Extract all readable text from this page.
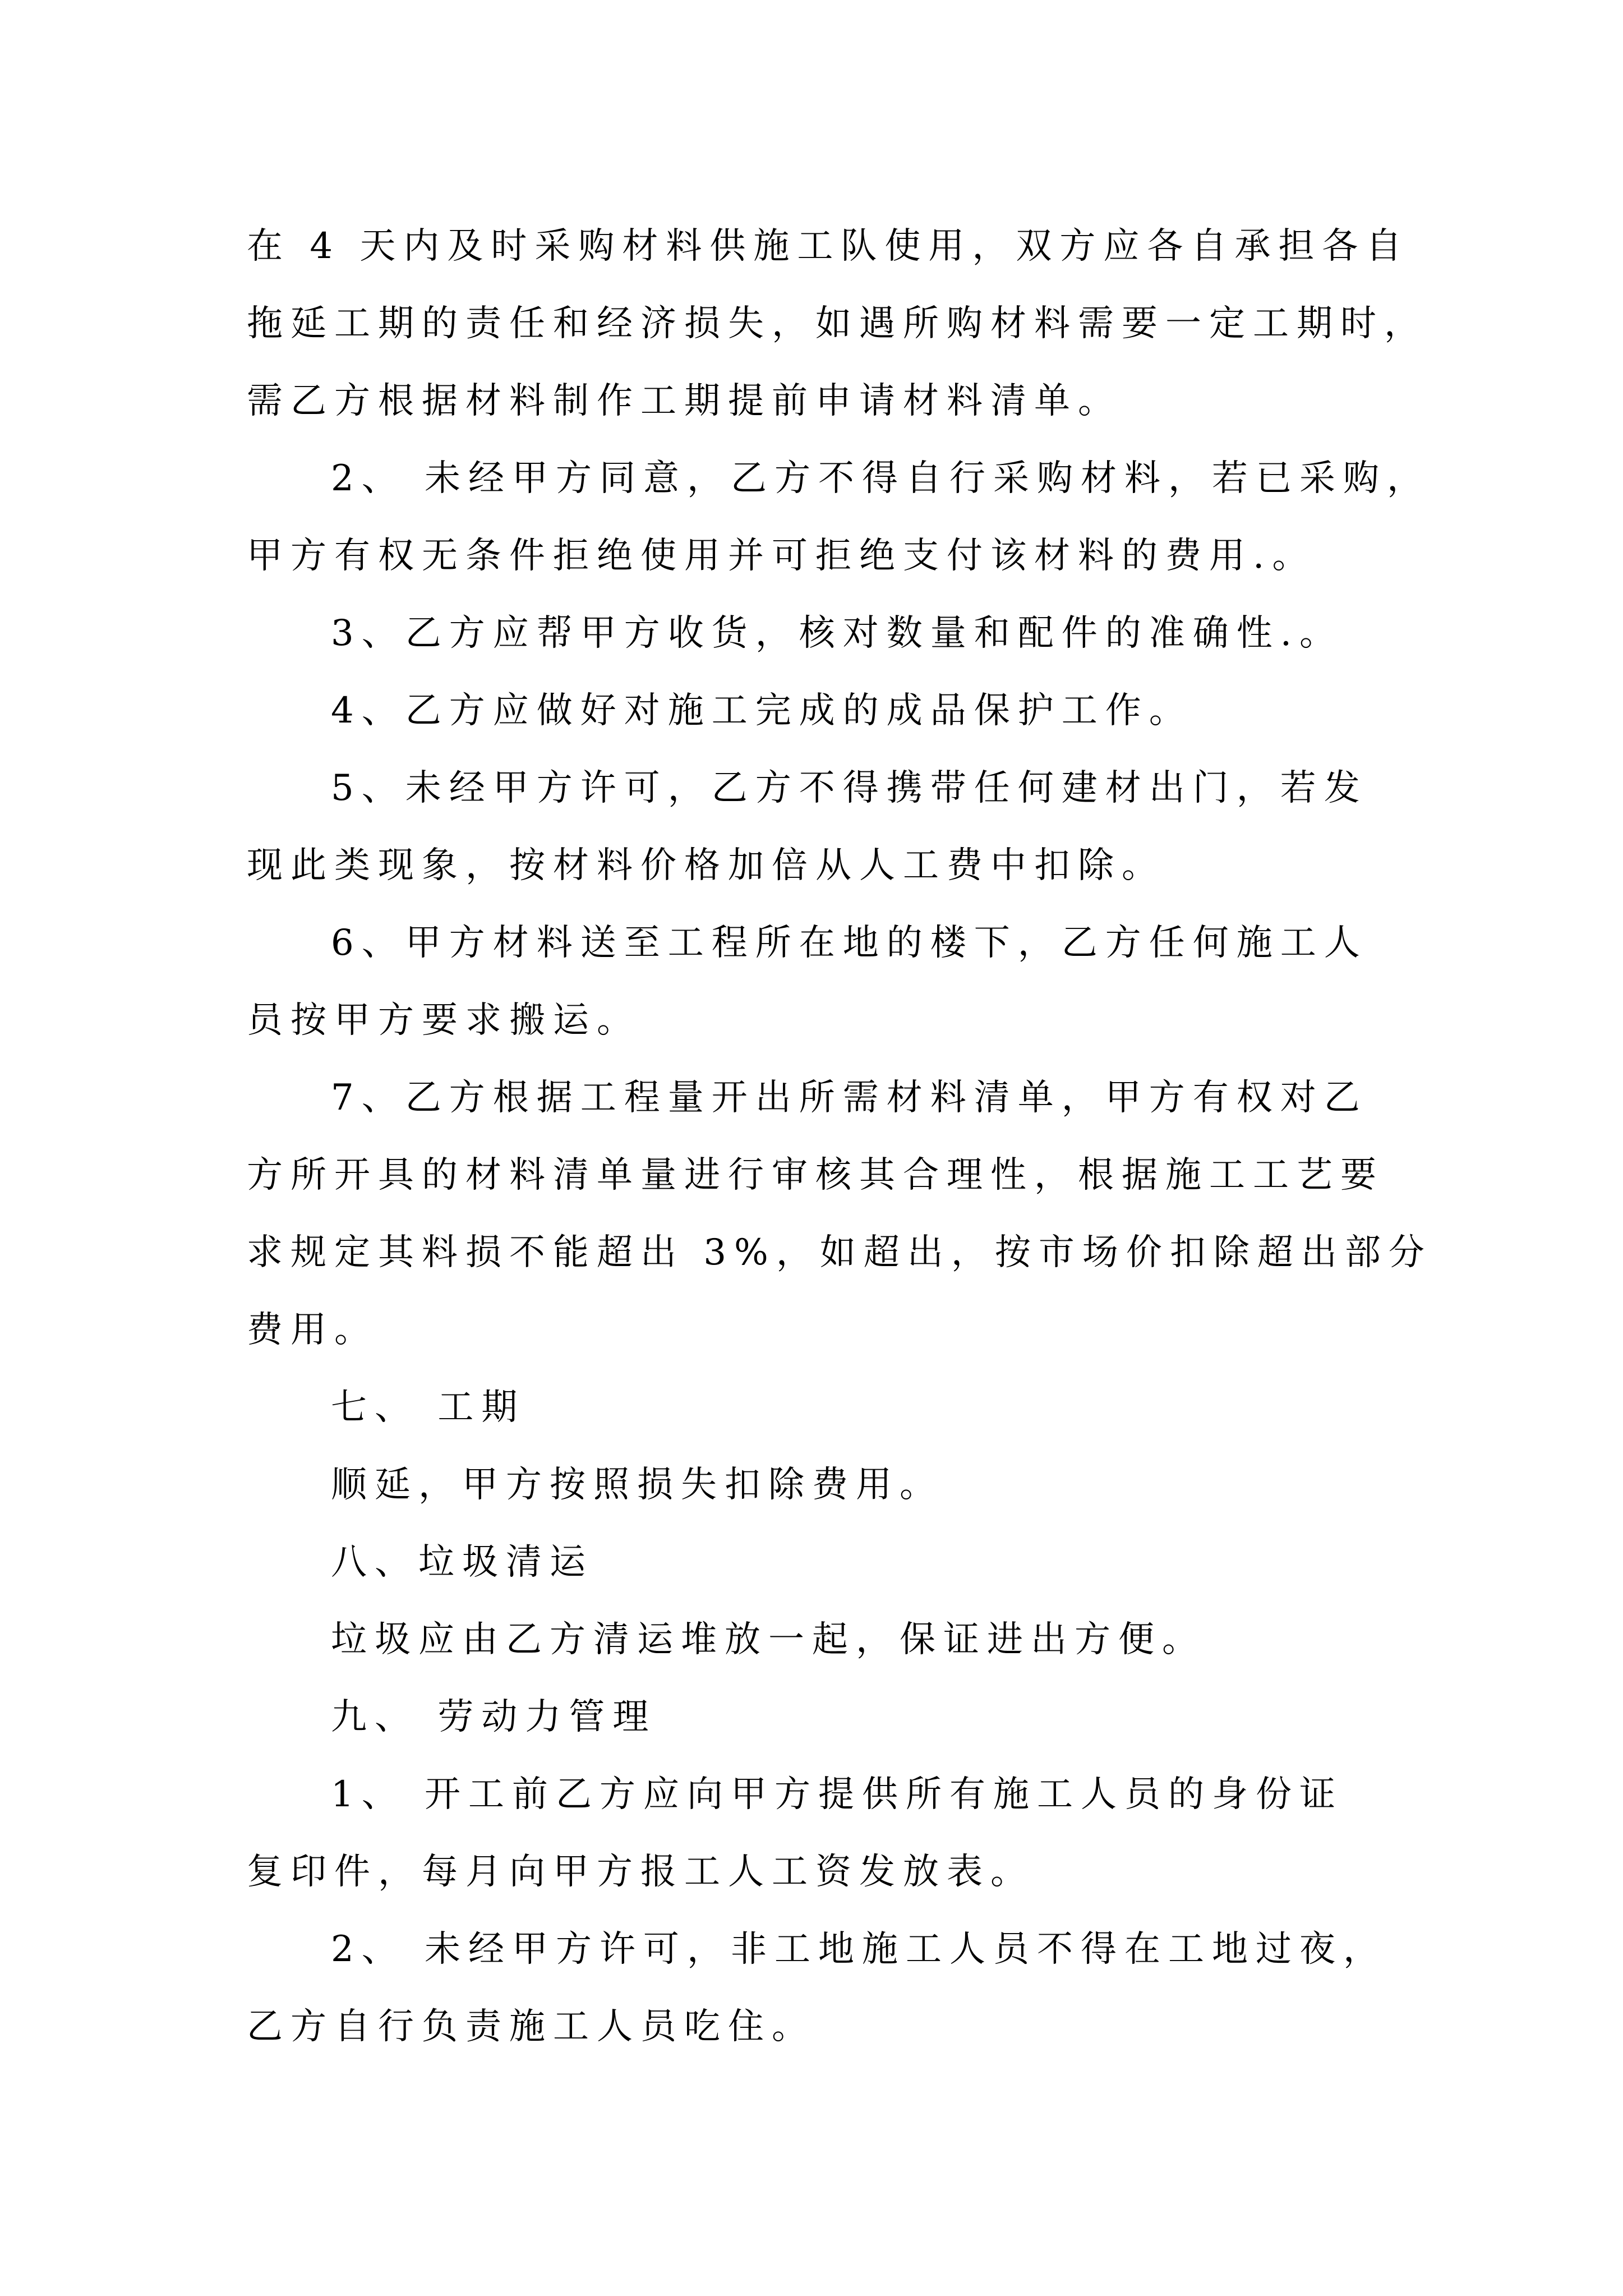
在 4 天内及时采购材料供施工队使用，双方应各自承担各自
拖延工期的责任和经济损失，如遇所购材料需要一定工期时，
需乙方根据材料制作工期提前申请材料清单。
2、 未经甲方同意，乙方不得自行采购材料，若已采购，
甲方有权无条件拒绝使用并可拒绝支付该材料的费用.。
3、乙方应帮甲方收货，核对数量和配件的准确性.。
4、乙方应做好对施工完成的成品保护工作。
5、未经甲方许可，乙方不得携带任何建材出门，若发
现此类现象，按材料价格加倍从人工费中扣除。
6、甲方材料送至工程所在地的楼下，乙方任何施工人
员按甲方要求搬运。
7、乙方根据工程量开出所需材料清单，甲方有权对乙
方所开具的材料清单量进行审核其合理性，根据施工工艺要
求规定其料损不能超出 3%，如超出，按市场价扣除超出部分
费用。
七、 工期
顺延，甲方按照损失扣除费用。
八、垃圾清运
垃圾应由乙方清运堆放一起，保证进出方便。
九、 劳动力管理
1、 开工前乙方应向甲方提供所有施工人员的身份证
复印件，每月向甲方报工人工资发放表。
2、 未经甲方许可，非工地施工人员不得在工地过夜，
乙方自行负责施工人员吃住。
